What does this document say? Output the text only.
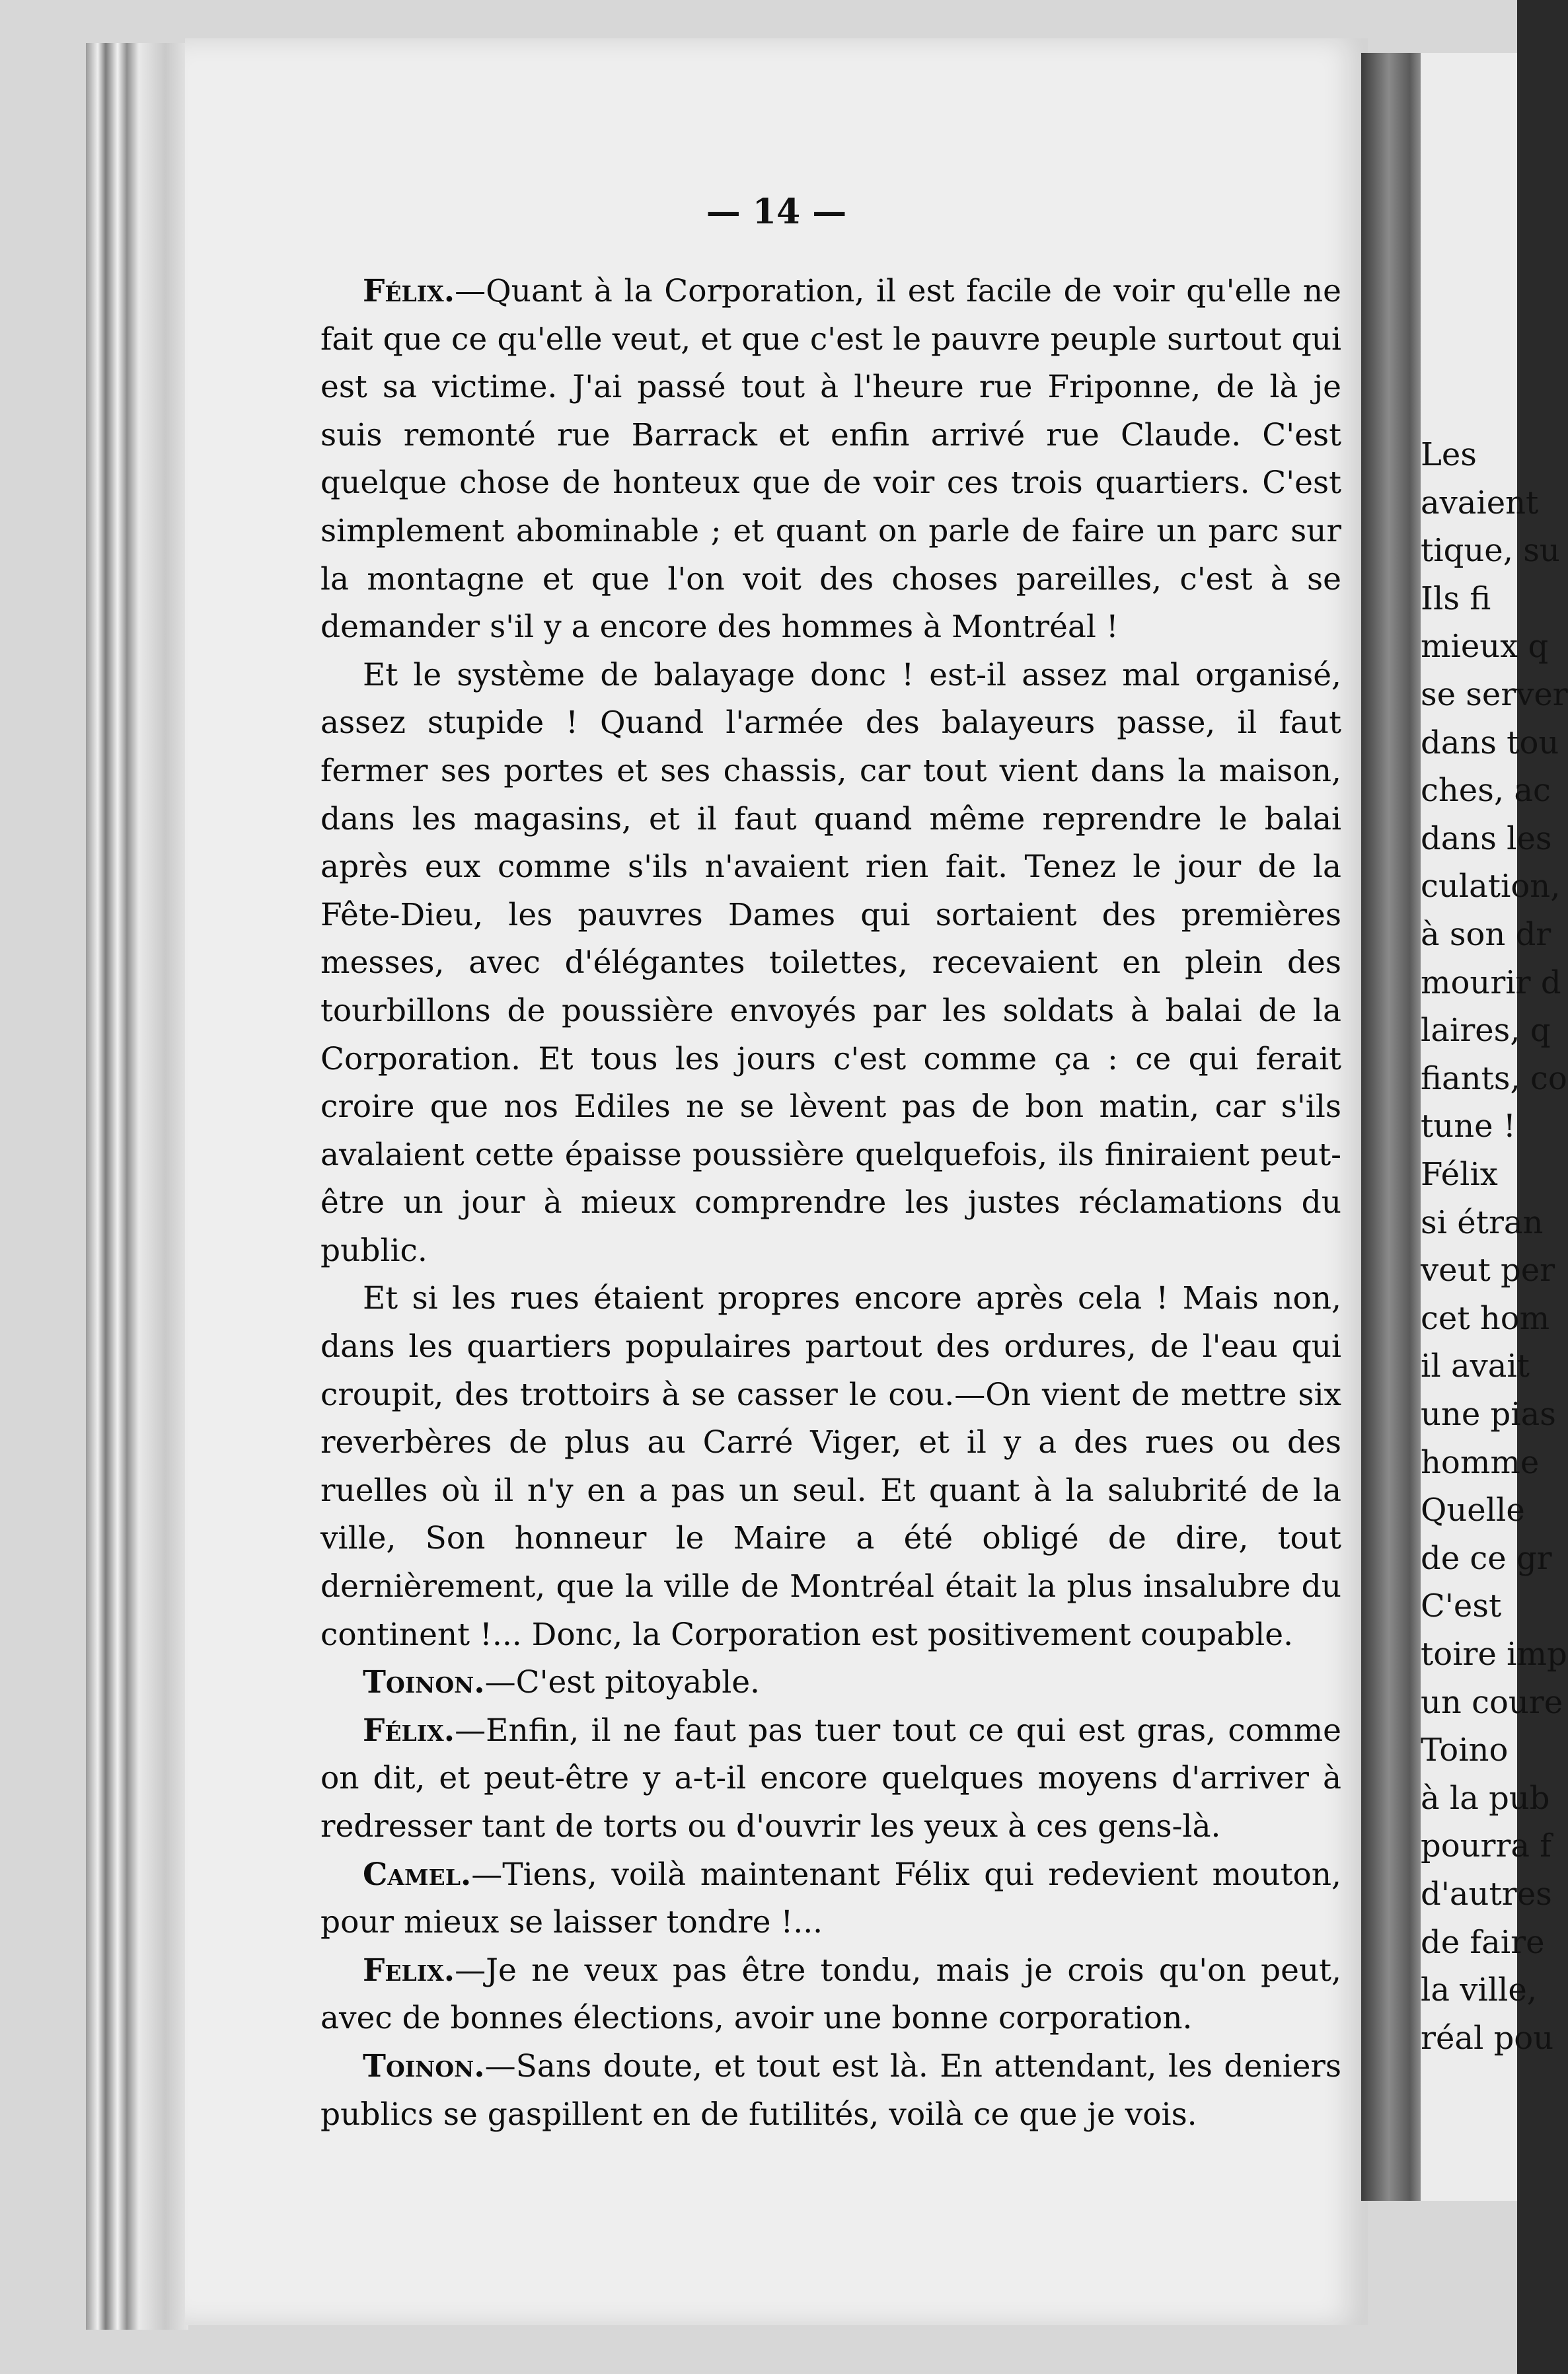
Les
avaient
tique, su
Ils fi
mieux q
se server
dans tou
ches, ac
dans les
culation,
à son dr
mourir d
laires, q
fiants, co
tune !
Félix
si étran
veut per
cet hom
il avait
une pias
homme
Quelle
de ce gr
C'est
toire imp
un coure
Toino
à la pub
pourra f
d'autres
de faire
la ville,
réal pou
— 14 —

Félix.—Quant à la Corporation, il est facile de voir qu'elle ne fait que ce qu'elle veut, et que c'est le pauvre peuple surtout qui est sa victime. J'ai passé tout à l'heure rue Friponne, de là je suis remonté rue Barrack et enfin arrivé rue Claude. C'est quelque chose de honteux que de voir ces trois quartiers. C'est simplement abominable ; et quant on parle de faire un parc sur la montagne et que l'on voit des choses pareilles, c'est à se demander s'il y a encore des hommes à Montréal !

Et le système de balayage donc ! est-il assez mal organisé, assez stupide ! Quand l'armée des balayeurs passe, il faut fermer ses portes et ses chassis, car tout vient dans la maison, dans les magasins, et il faut quand même reprendre le balai après eux comme s'ils n'avaient rien fait. Tenez le jour de la Fête-Dieu, les pauvres Dames qui sortaient des premières messes, avec d'élégantes toilettes, recevaient en plein des tourbillons de poussière envoyés par les soldats à balai de la Corporation. Et tous les jours c'est comme ça : ce qui ferait croire que nos Ediles ne se lèvent pas de bon matin, car s'ils avalaient cette épaisse poussière quelquefois, ils finiraient peut-être un jour à mieux comprendre les justes réclamations du public.

Et si les rues étaient propres encore après cela ! Mais non, dans les quartiers populaires partout des ordures, de l'eau qui croupit, des trottoirs à se casser le cou.—On vient de mettre six reverbères de plus au Carré Viger, et il y a des rues ou des ruelles où il n'y en a pas un seul. Et quant à la salubrité de la ville, Son honneur le Maire a été obligé de dire, tout dernièrement, que la ville de Montréal était la plus insalubre du continent !... Donc, la Corporation est positivement coupable.

Toinon.—C'est pitoyable.

Félix.—Enfin, il ne faut pas tuer tout ce qui est gras, comme on dit, et peut-être y a-t-il encore quelques moyens d'arriver à redresser tant de torts ou d'ouvrir les yeux à ces gens-là.

Camel.—Tiens, voilà maintenant Félix qui redevient mouton, pour mieux se laisser tondre !...

Felix.—Je ne veux pas être tondu, mais je crois qu'on peut, avec de bonnes élections, avoir une bonne corporation.

Toinon.—Sans doute, et tout est là. En attendant, les deniers publics se gaspillent en de futilités, voilà ce que je vois.
